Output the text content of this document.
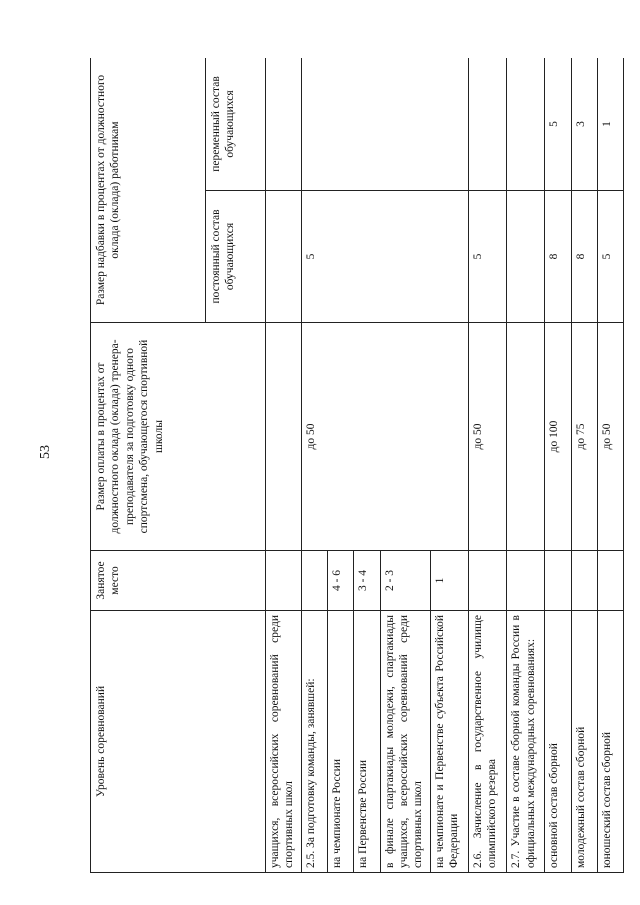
53
Уровень соревнований	Занятое место	Размер оплаты в процентах от должностного оклада (оклада) тренера-преподавателя за подготовку одного спортсмена, обучающегося спортивной школы	Размер надбавки в процентах от должностного оклада (оклада) работникам	
			постоянный состав обучающихся	переменный состав обучающихся
учащихся, всероссийских соревнований среди спортивных школ				
2.5. За подготовку команды, занявшей:		до 50	5	
на чемпионате России	4 - 6			
на Первенстве России	3 - 4			
в финале спартакиады молодежи, спартакиады учащихся, всероссийских соревнований среди спортивных школ	2 - 3			
на чемпионате и Первенстве субъекта Российской Федерации	1			
2.6. Зачисление в государственное училище олимпийского резерва		до 50	5	
2.7. Участие в составе сборной команды России в официальных международных соревнованиях:				
основной состав сборной		до 100	8	5
молодежный состав сборной		до 75	8	3
юношеский состав сборной		до 50	5	1
